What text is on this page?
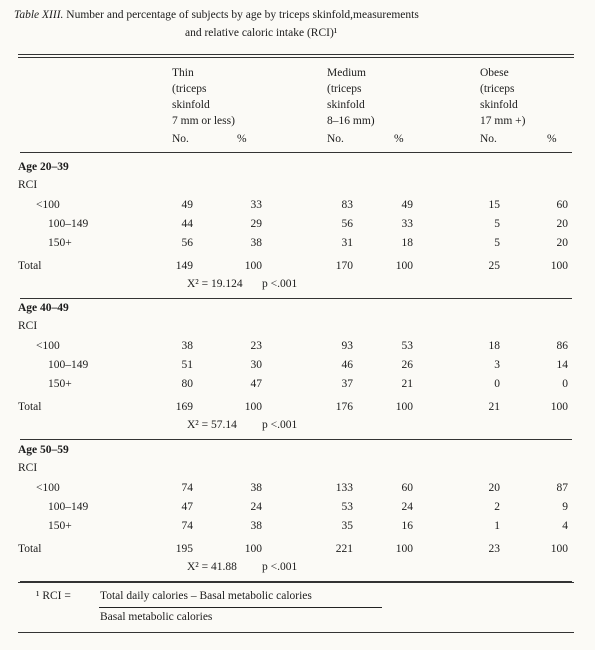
Table XIII. Number and percentage of subjects by age by triceps skinfold,measurements
and relative caloric intake (RCI)¹
Thin
(triceps
skinfold
7 mm or less)
Medium
(triceps
skinfold
8–16 mm)
Obese
(triceps
skinfold
17 mm +)
No.	%	No.	%	No.	%
Age 20–39
RCI
<100	49	33	83	49	15	60
100–149	44	29	56	33	5	20
150+	56	38	31	18	5	20
Total	149	100	170	100	25	100
X² = 19.124 p <.001
Age 40–49
RCI
<100	38	23	93	53	18	86
100–149	51	30	46	26	3	14
150+	80	47	37	21	0	0
Total	169	100	176	100	21	100
X² = 57.14 p <.001
Age 50–59
RCI
<100	74	38	133	60	20	87
100–149	47	24	53	24	2	9
150+	74	38	35	16	1	4
Total	195	100	221	100	23	100
X² = 41.88 p <.001
¹ RCI =	Total daily calories – Basal metabolic calories
Basal metabolic calories
